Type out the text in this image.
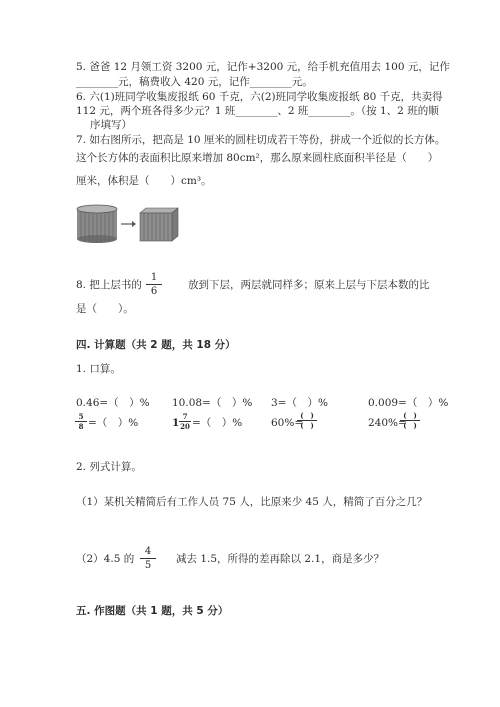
5. 爸爸 12 月领工资 3200 元，记作+3200 元，给手机充值用去 100 元，记作
________元，稿费收入 420 元，记作________元。
6. 六(1)班同学收集废报纸 60 千克，六(2)班同学收集废报纸 80 千克，共卖得
112 元，两个班各得多少元？1 班________、2 班________。（按 1、2 班的顺
序填写）
7. 如右图所示，把高是 10 厘米的圆柱切成若干等份，拼成一个近似的长方体。
这个长方体的表面积比原来增加 80cm²，那么原来圆柱底面积半径是（　　）
厘米，体积是（　　）cm³。
8. 把上层书的
1
6
放到下层，两层就同样多；原来上层与下层本数的比
是（　　）。
四. 计算题（共 2 题，共 18 分）
1. 口算。
0.46=（　）% 10.08=（　）% 3=（　）%	0.009=（　）%
5
8 =（　）%	1
7
20 =（　）%	60%=
(　)
(　)	240%=
(　)
(　)
2. 列式计算。
（1）某机关精简后有工作人员 75 人，比原来少 45 人，精简了百分之几？
（2）4.5 的
4
5
减去 1.5，所得的差再除以 2.1，商是多少？
五. 作图题（共 1 题，共 5 分）
